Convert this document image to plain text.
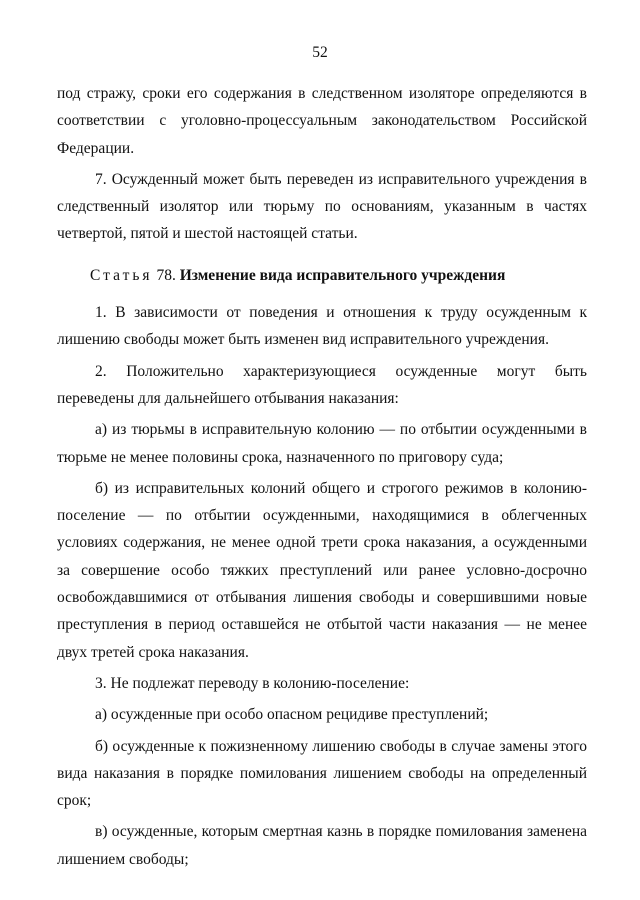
52

под стражу, сроки его содержания в следственном изоляторе определяются в соответствии с уголовно-процессуальным законодательством Российской Федерации.

7. Осужденный может быть переведен из исправительного учреждения в следственный изолятор или тюрьму по основаниям, указанным в частях четвертой, пятой и шестой настоящей статьи.

Статья 78. Изменение вида исправительного учреждения

1. В зависимости от поведения и отношения к труду осужденным к лишению свободы может быть изменен вид исправительного учреждения.

2. Положительно характеризующиеся осужденные могут быть переведены для дальнейшего отбывания наказания:

а) из тюрьмы в исправительную колонию — по отбытии осужденными в тюрьме не менее половины срока, назначенного по приговору суда;

б) из исправительных колоний общего и строгого режимов в колонию-поселение — по отбытии осужденными, находящимися в облегченных условиях содержания, не менее одной трети срока наказания, а осужденными за совершение особо тяжких преступлений или ранее условно-досрочно освобождавшимися от отбывания лишения свободы и совершившими новые преступления в период оставшейся не отбытой части наказания — не менее двух третей срока наказания.

3. Не подлежат переводу в колонию-поселение:

а) осужденные при особо опасном рецидиве преступлений;

б) осужденные к пожизненному лишению свободы в случае замены этого вида наказания в порядке помилования лишением свободы на определенный срок;

в) осужденные, которым смертная казнь в порядке помилования заменена лишением свободы;
